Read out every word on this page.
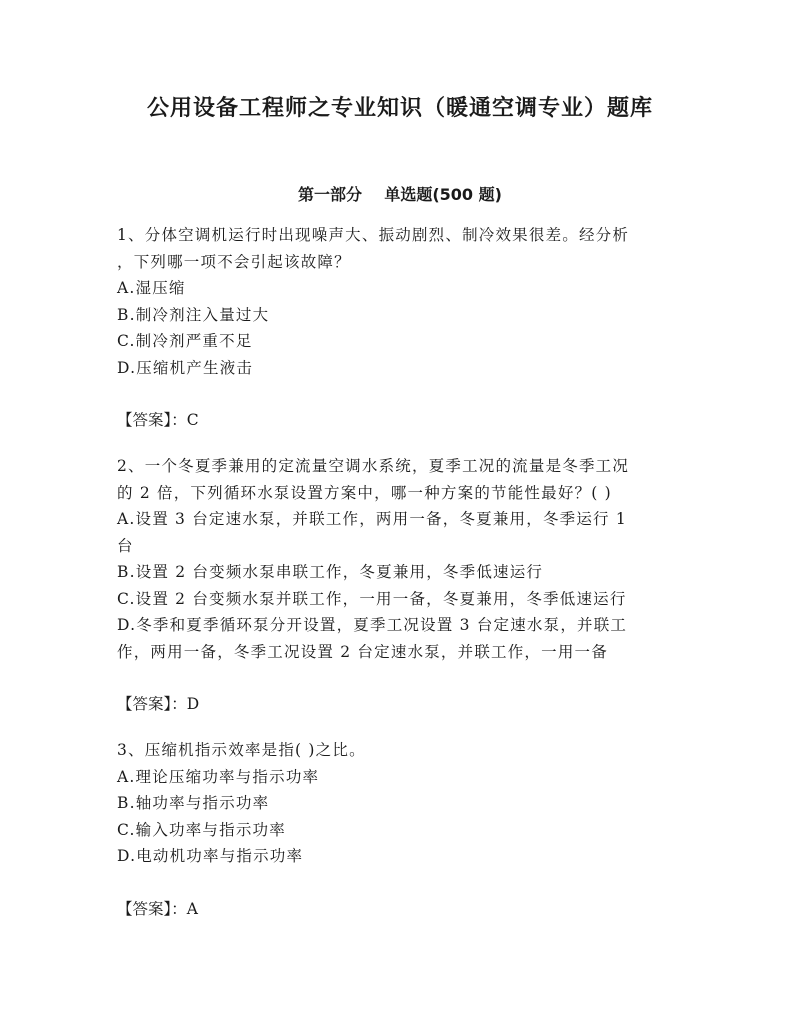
公用设备工程师之专业知识（暖通空调专业）题库
第一部分    单选题(500 题)
1、分体空调机运行时出现噪声大、振动剧烈、制冷效果很差。经分析
，下列哪一项不会引起该故障？
A.湿压缩
B.制冷剂注入量过大
C.制冷剂严重不足
D.压缩机产生液击
【答案】：C
2、一个冬夏季兼用的定流量空调水系统，夏季工况的流量是冬季工况
的 2 倍，下列循环水泵设置方案中，哪一种方案的节能性最好？( )
A.设置 3 台定速水泵，并联工作，两用一备，冬夏兼用，冬季运行 1
台
B.设置 2 台变频水泵串联工作，冬夏兼用，冬季低速运行
C.设置 2 台变频水泵并联工作，一用一备，冬夏兼用，冬季低速运行
D.冬季和夏季循环泵分开设置，夏季工况设置 3 台定速水泵，并联工
作，两用一备，冬季工况设置 2 台定速水泵，并联工作，一用一备
【答案】：D
3、压缩机指示效率是指( )之比。
A.理论压缩功率与指示功率
B.轴功率与指示功率
C.输入功率与指示功率
D.电动机功率与指示功率
【答案】：A
